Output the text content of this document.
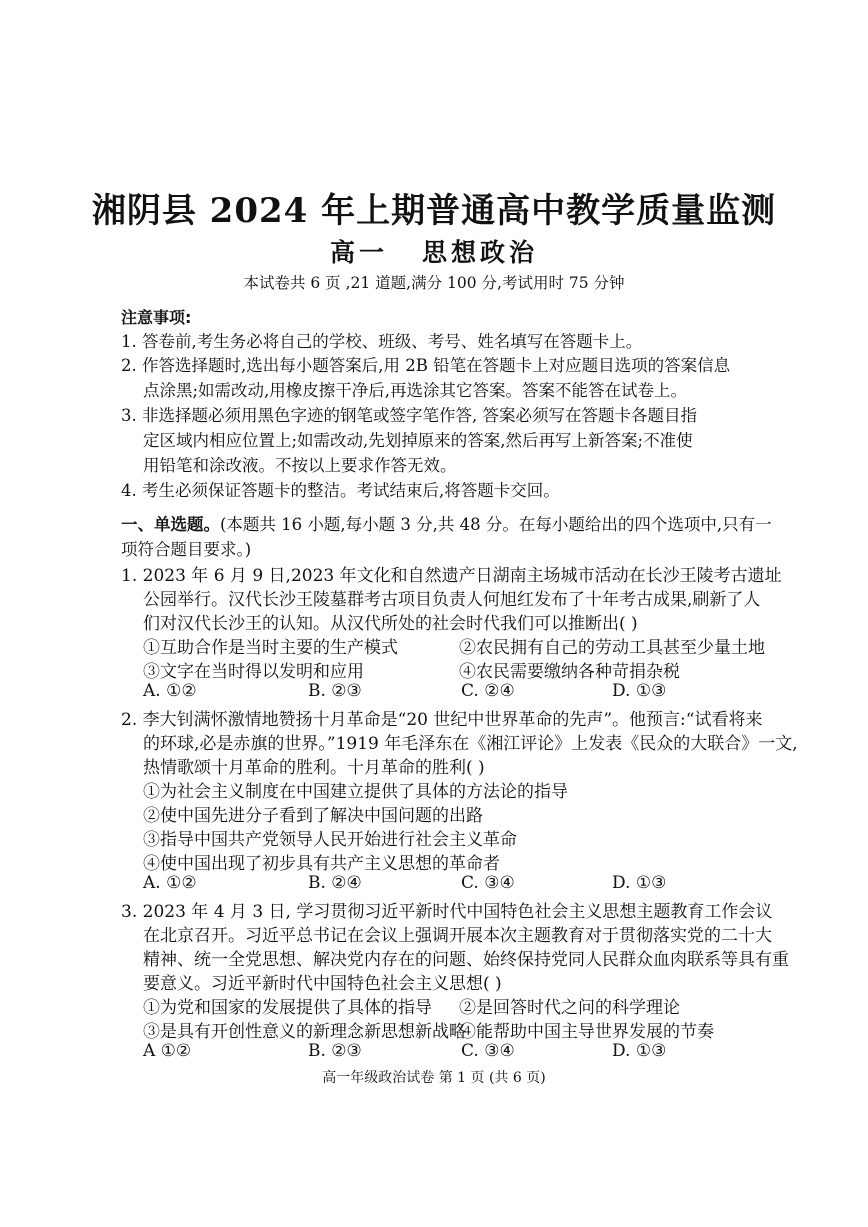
湘阴县 2024 年上期普通高中教学质量监测
高一 思想政治
本试卷共 6 页 ,21 道题,满分 100 分,考试用时 75 分钟
注意事项:
1. 答卷前,考生务必将自己的学校、班级、考号、姓名填写在答题卡上。
2. 作答选择题时,选出每小题答案后,用 2B 铅笔在答题卡上对应题目选项的答案信息
点涂黑;如需改动,用橡皮擦干净后,再选涂其它答案。答案不能答在试卷上。
3. 非选择题必须用黑色字迹的钢笔或签字笔作答, 答案必须写在答题卡各题目指
定区域内相应位置上;如需改动,先划掉原来的答案,然后再写上新答案;不准使
用铅笔和涂改液。不按以上要求作答无效。
4. 考生必须保证答题卡的整洁。考试结束后,将答题卡交回。
一、单选题。(本题共 16 小题,每小题 3 分,共 48 分。在每小题给出的四个选项中,只有一
项符合题目要求。)
1. 2023 年 6 月 9 日,2023 年文化和自然遗产日湖南主场城市活动在长沙王陵考古遗址
公园举行。汉代长沙王陵墓群考古项目负责人何旭红发布了十年考古成果,刷新了人
们对汉代长沙王的认知。从汉代所处的社会时代我们可以推断出( )
①互助合作是当时主要的生产模式	②农民拥有自己的劳动工具甚至少量土地
③文字在当时得以发明和应用	④农民需要缴纳各种苛捐杂税
A. ①②	B. ②③	C. ②④	D. ①③
2. 李大钊满怀激情地赞扬十月革命是“20 世纪中世界革命的先声”。他预言:“试看将来
的环球,必是赤旗的世界。”1919 年毛泽东在《湘江评论》上发表《民众的大联合》一文,
热情歌颂十月革命的胜利。十月革命的胜利( )
①为社会主义制度在中国建立提供了具体的方法论的指导
②使中国先进分子看到了解决中国问题的出路
③指导中国共产党领导人民开始进行社会主义革命
④使中国出现了初步具有共产主义思想的革命者
A. ①②	B. ②④	C. ③④	D. ①③
3. 2023 年 4 月 3 日, 学习贯彻习近平新时代中国特色社会主义思想主题教育工作会议
在北京召开。习近平总书记在会议上强调开展本次主题教育对于贯彻落实党的二十大
精神、统一全党思想、解决党内存在的问题、始终保持党同人民群众血肉联系等具有重
要意义。习近平新时代中国特色社会主义思想( )
①为党和国家的发展提供了具体的指导 ②是回答时代之问的科学理论
③是具有开创性意义的新理念新思想新战略
④能帮助中国主导世界发展的节奏
A ①②	B. ②③	C. ③④	D. ①③
高一年级政治试卷 第 1 页 (共 6 页)
